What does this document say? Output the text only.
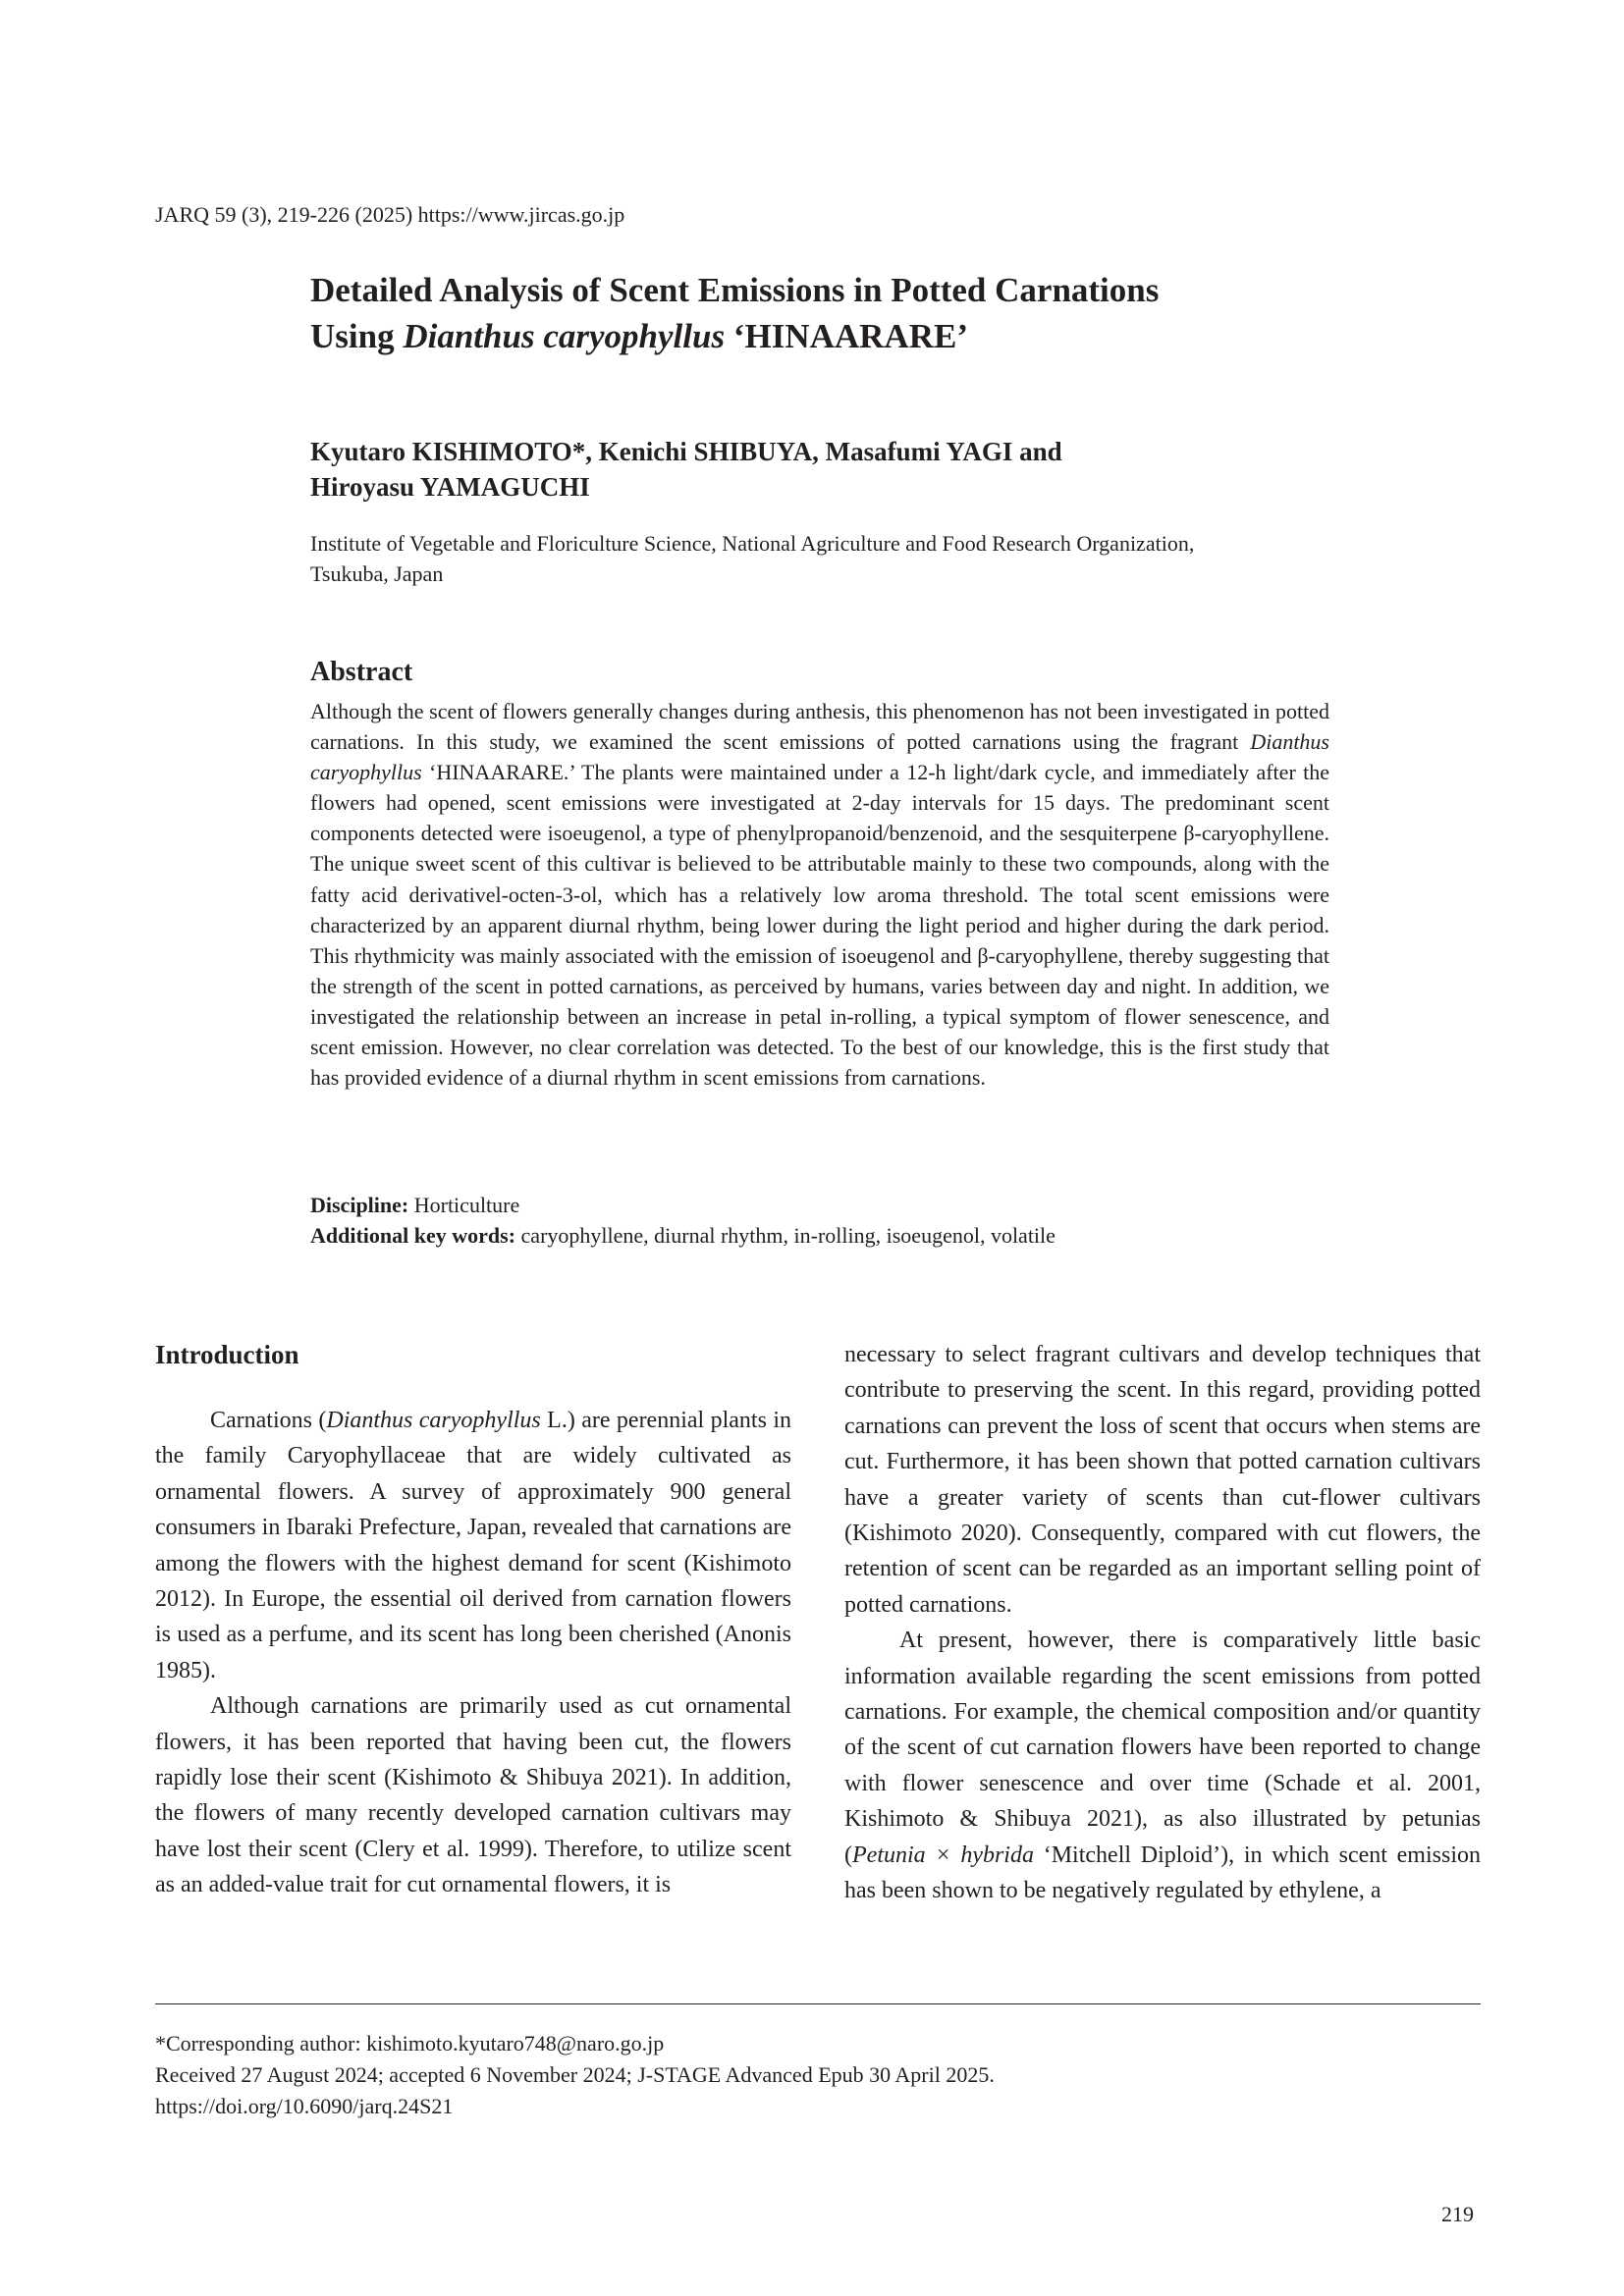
JARQ 59 (3), 219-226 (2025) https://www.jircas.go.jp
Detailed Analysis of Scent Emissions in Potted Carnations
Using Dianthus caryophyllus ‘HINAARARE’
Kyutaro KISHIMOTO*, Kenichi SHIBUYA, Masafumi YAGI and
Hiroyasu YAMAGUCHI
Institute of Vegetable and Floriculture Science, National Agriculture and Food Research Organization,
Tsukuba, Japan
Abstract
Although the scent of flowers generally changes during anthesis, this phenomenon has not been investigated in potted carnations. In this study, we examined the scent emissions of potted carnations using the fragrant Dianthus caryophyllus ‘HINAARARE.’ The plants were maintained under a 12-h light/dark cycle, and immediately after the flowers had opened, scent emissions were investigated at 2-day intervals for 15 days. The predominant scent components detected were isoeugenol, a type of phenylpropanoid/benzenoid, and the sesquiterpene β-caryophyllene. The unique sweet scent of this cultivar is believed to be attributable mainly to these two compounds, along with the fatty acid derivativel-octen-3-ol, which has a relatively low aroma threshold. The total scent emissions were characterized by an apparent diurnal rhythm, being lower during the light period and higher during the dark period. This rhythmicity was mainly associated with the emission of isoeugenol and β-caryophyllene, thereby suggesting that the strength of the scent in potted carnations, as perceived by humans, varies between day and night. In addition, we investigated the relationship between an increase in petal in-rolling, a typical symptom of flower senescence, and scent emission. However, no clear correlation was detected. To the best of our knowledge, this is the first study that has provided evidence of a diurnal rhythm in scent emissions from carnations.
Discipline: Horticulture
Additional key words: caryophyllene, diurnal rhythm, in-rolling, isoeugenol, volatile
Introduction

Carnations (Dianthus caryophyllus L.) are perennial plants in the family Caryophyllaceae that are widely cultivated as ornamental flowers. A survey of approximately 900 general consumers in Ibaraki Prefecture, Japan, revealed that carnations are among the flowers with the highest demand for scent (Kishimoto 2012). In Europe, the essential oil derived from carnation flowers is used as a perfume, and its scent has long been cherished (Anonis 1985).

Although carnations are primarily used as cut ornamental flowers, it has been reported that having been cut, the flowers rapidly lose their scent (Kishimoto & Shibuya 2021). In addition, the flowers of many recently developed carnation cultivars may have lost their scent (Clery et al. 1999). Therefore, to utilize scent as an added-value trait for cut ornamental flowers, it is

necessary to select fragrant cultivars and develop techniques that contribute to preserving the scent. In this regard, providing potted carnations can prevent the loss of scent that occurs when stems are cut. Furthermore, it has been shown that potted carnation cultivars have a greater variety of scents than cut-flower cultivars (Kishimoto 2020). Consequently, compared with cut flowers, the retention of scent can be regarded as an important selling point of potted carnations.

At present, however, there is comparatively little basic information available regarding the scent emissions from potted carnations. For example, the chemical composition and/or quantity of the scent of cut carnation flowers have been reported to change with flower senescence and over time (Schade et al. 2001, Kishimoto & Shibuya 2021), as also illustrated by petunias (Petunia × hybrida ‘Mitchell Diploid’), in which scent emission has been shown to be negatively regulated by ethylene, a

*Corresponding author: kishimoto.kyutaro748@naro.go.jp
Received 27 August 2024; accepted 6 November 2024; J-STAGE Advanced Epub 30 April 2025.
https://doi.org/10.6090/jarq.24S21
219
